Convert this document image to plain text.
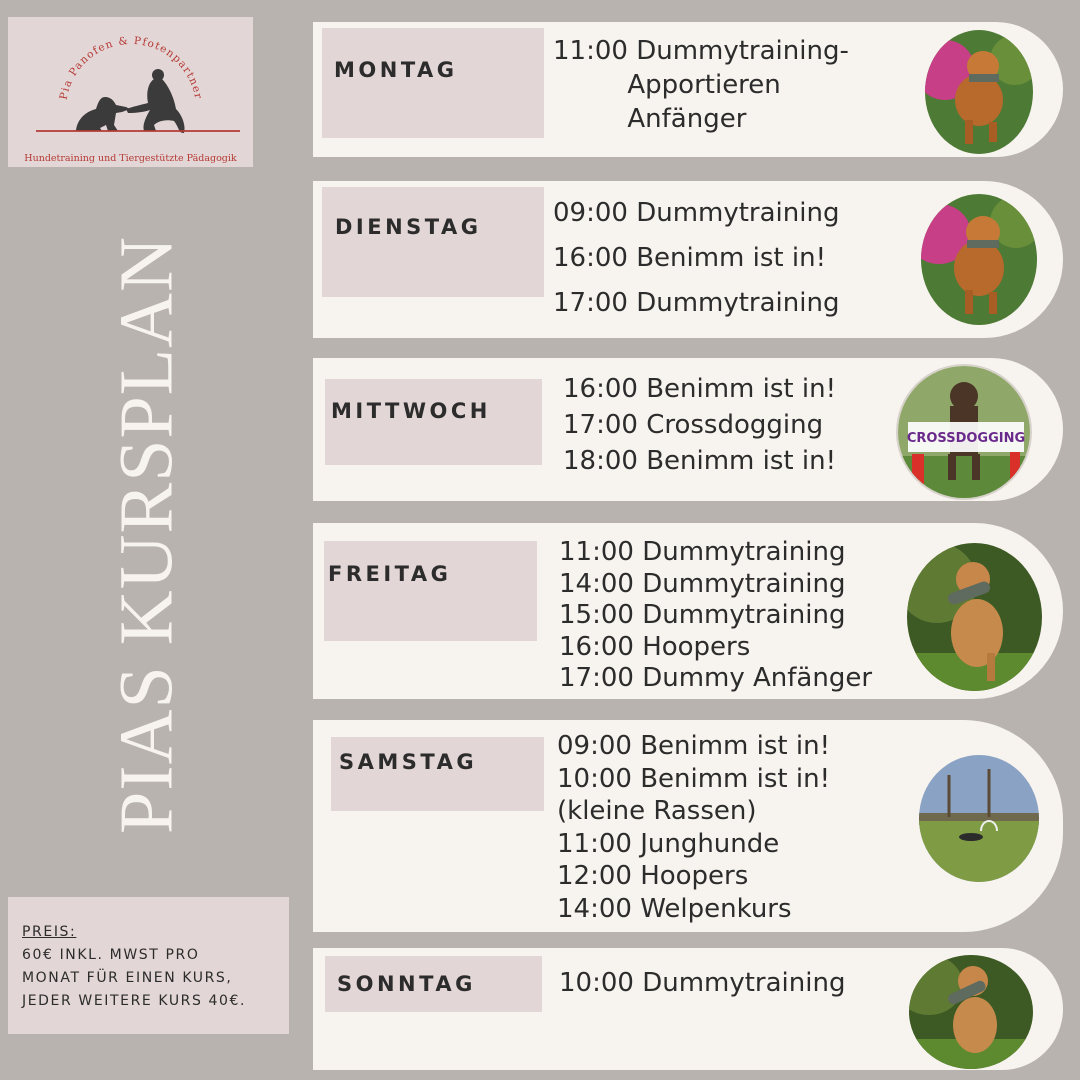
Pia Panofen & Pfotenpartner
Hundetraining und Tiergestützte Pädagogik
PIAS KURSPLAN
PREIS:
60€ INKL. MWST PRO
MONAT FÜR EINEN KURS,
JEDER WEITERE KURS 40€.
MONTAG
11:00 Dummytraining-
Apportieren
Anfänger
DIENSTAG	09:00 Dummytraining
16:00 Benimm ist in!
17:00 Dummytraining
MITTWOCH
16:00 Benimm ist in!
17:00 Crossdogging
18:00 Benimm ist in!
CROSSDOGGING
FREITAG
11:00 Dummytraining
14:00 Dummytraining
15:00 Dummytraining
16:00 Hoopers
17:00 Dummy Anfänger
SAMSTAG
09:00 Benimm ist in!
10:00 Benimm ist in!
(kleine Rassen)
11:00 Junghunde
12:00 Hoopers
14:00 Welpenkurs
SONNTAG	10:00 Dummytraining
